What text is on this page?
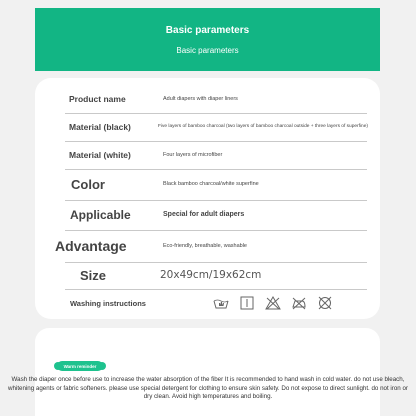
Basic parameters
Basic parameters
Product name	Adult diapers with diaper liners
Material (black)	Five layers of bamboo charcoal (two layers of bamboo charcoal outside + three layers of superfine)
Material (white)	Four layers of microfiber
Color	Black bamboo charcoal/white superfine
Applicable	Special for adult diapers
Advantage	Eco-friendly, breathable, washable
Size	20x49cm/19x62cm
Washing instructions
Warm reminder
Wash the diaper once before use to increase the water absorption of the fiber It is recommended to hand wash in cold water. do not use bleach, whitening agents or fabric softeners. please use special detergent for clothing to ensure skin safety. Do not expose to direct sunlight. do not iron or dry clean. Avoid high temperatures and boiling.
